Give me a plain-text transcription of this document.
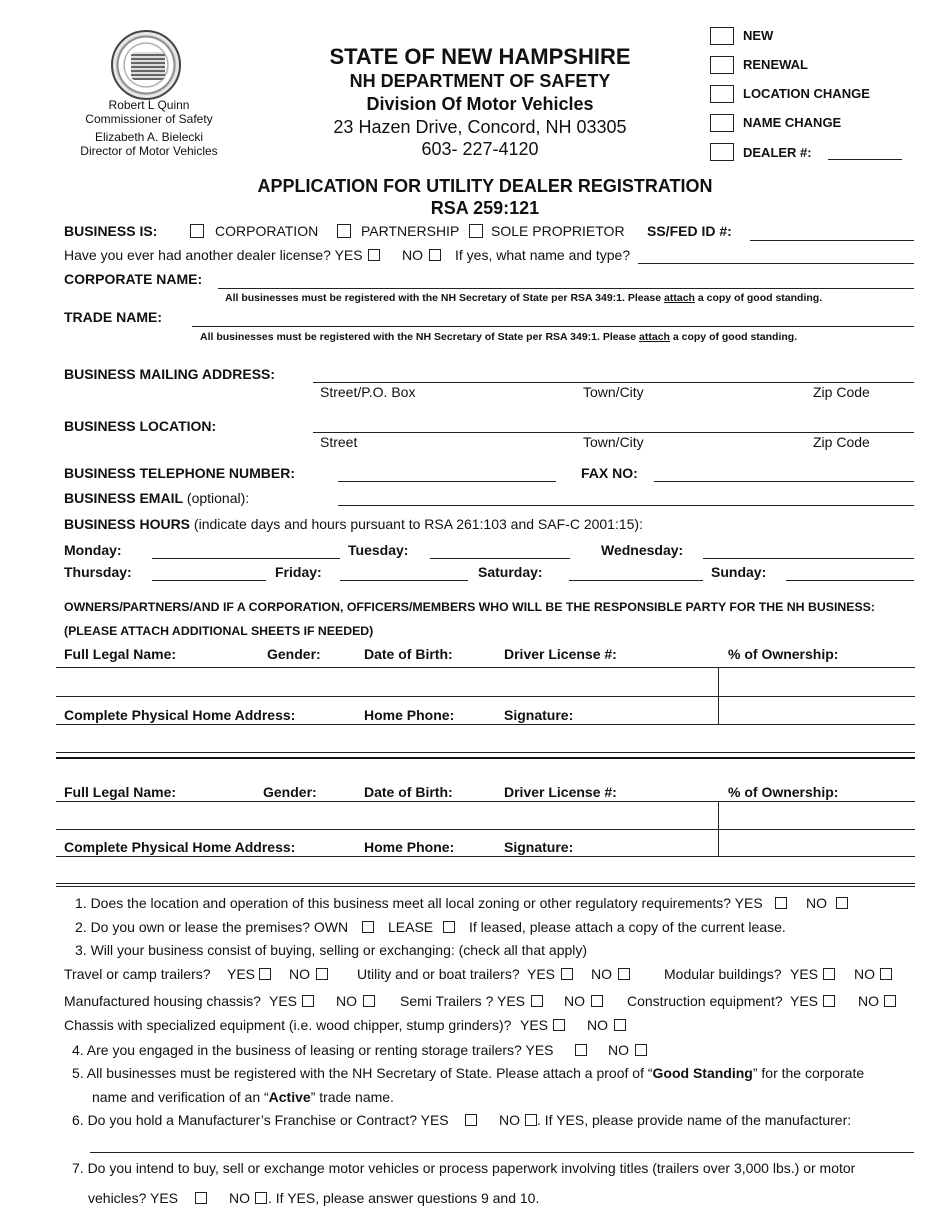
Robert L Quinn
Commissioner of Safety
Elizabeth A. Bielecki
Director of Motor Vehicles
STATE OF NEW HAMPSHIRE
NH DEPARTMENT OF SAFETY
Division Of Motor Vehicles
23 Hazen Drive, Concord, NH 03305
603- 227-4120
NEW
RENEWAL
LOCATION CHANGE
NAME CHANGE
DEALER #:
APPLICATION FOR UTILITY DEALER REGISTRATION
RSA 259:121
BUSINESS IS:	CORPORATION	PARTNERSHIP SOLE PROPRIETOR SS/FED ID #:
Have you ever had another dealer license? YES	NO If yes, what name and type?
CORPORATE NAME:
All businesses must be registered with the NH Secretary of State per RSA 349:1. Please attach a copy of good standing.
TRADE NAME:
All businesses must be registered with the NH Secretary of State per RSA 349:1. Please attach a copy of good standing.
BUSINESS MAILING ADDRESS:
Street/P.O. Box	Town/City	Zip Code
BUSINESS LOCATION:
Street	Town/City	Zip Code
BUSINESS TELEPHONE NUMBER:	FAX NO:
BUSINESS EMAIL (optional):
BUSINESS HOURS (indicate days and hours pursuant to RSA 261:103 and SAF-C 2001:15):
Monday:	Tuesday:	Wednesday:
Thursday:	Friday:	Saturday:	Sunday:
OWNERS/PARTNERS/AND IF A CORPORATION, OFFICERS/MEMBERS WHO WILL BE THE RESPONSIBLE PARTY FOR THE NH BUSINESS:
(PLEASE ATTACH ADDITIONAL SHEETS IF NEEDED)
Full Legal Name:	Gender:	Date of Birth:	Driver License #:	% of Ownership:
Complete Physical Home Address:	Home Phone:	Signature:
Full Legal Name:	Gender:	Date of Birth:	Driver License #:	% of Ownership:
Complete Physical Home Address:	Home Phone:	Signature:
1. Does the location and operation of this business meet all local zoning or other regulatory requirements? YES	NO
2. Do you own or lease the premises? OWN	LEASE	If leased, please attach a copy of the current lease.
3. Will your business consist of buying, selling or exchanging: (check all that apply)
Travel or camp trailers? YES NO	Utility and or boat trailers? YES	NO	Modular buildings? YES	NO
Manufactured housing chassis? YES	NO	Semi Trailers ? YES	NO	Construction equipment? YES	NO
Chassis with specialized equipment (i.e. wood chipper, stump grinders)? YES	NO
4. Are you engaged in the business of leasing or renting storage trailers? YES	NO
5. All businesses must be registered with the NH Secretary of State. Please attach a proof of “Good Standing” for the corporate
name and verification of an “Active” trade name.
6. Do you hold a Manufacturer’s Franchise or Contract? YES	NO . If YES, please provide name of the manufacturer:
7. Do you intend to buy, sell or exchange motor vehicles or process paperwork involving titles (trailers over 3,000 lbs.) or motor
vehicles? YES	NO . If YES, please answer questions 9 and 10.
